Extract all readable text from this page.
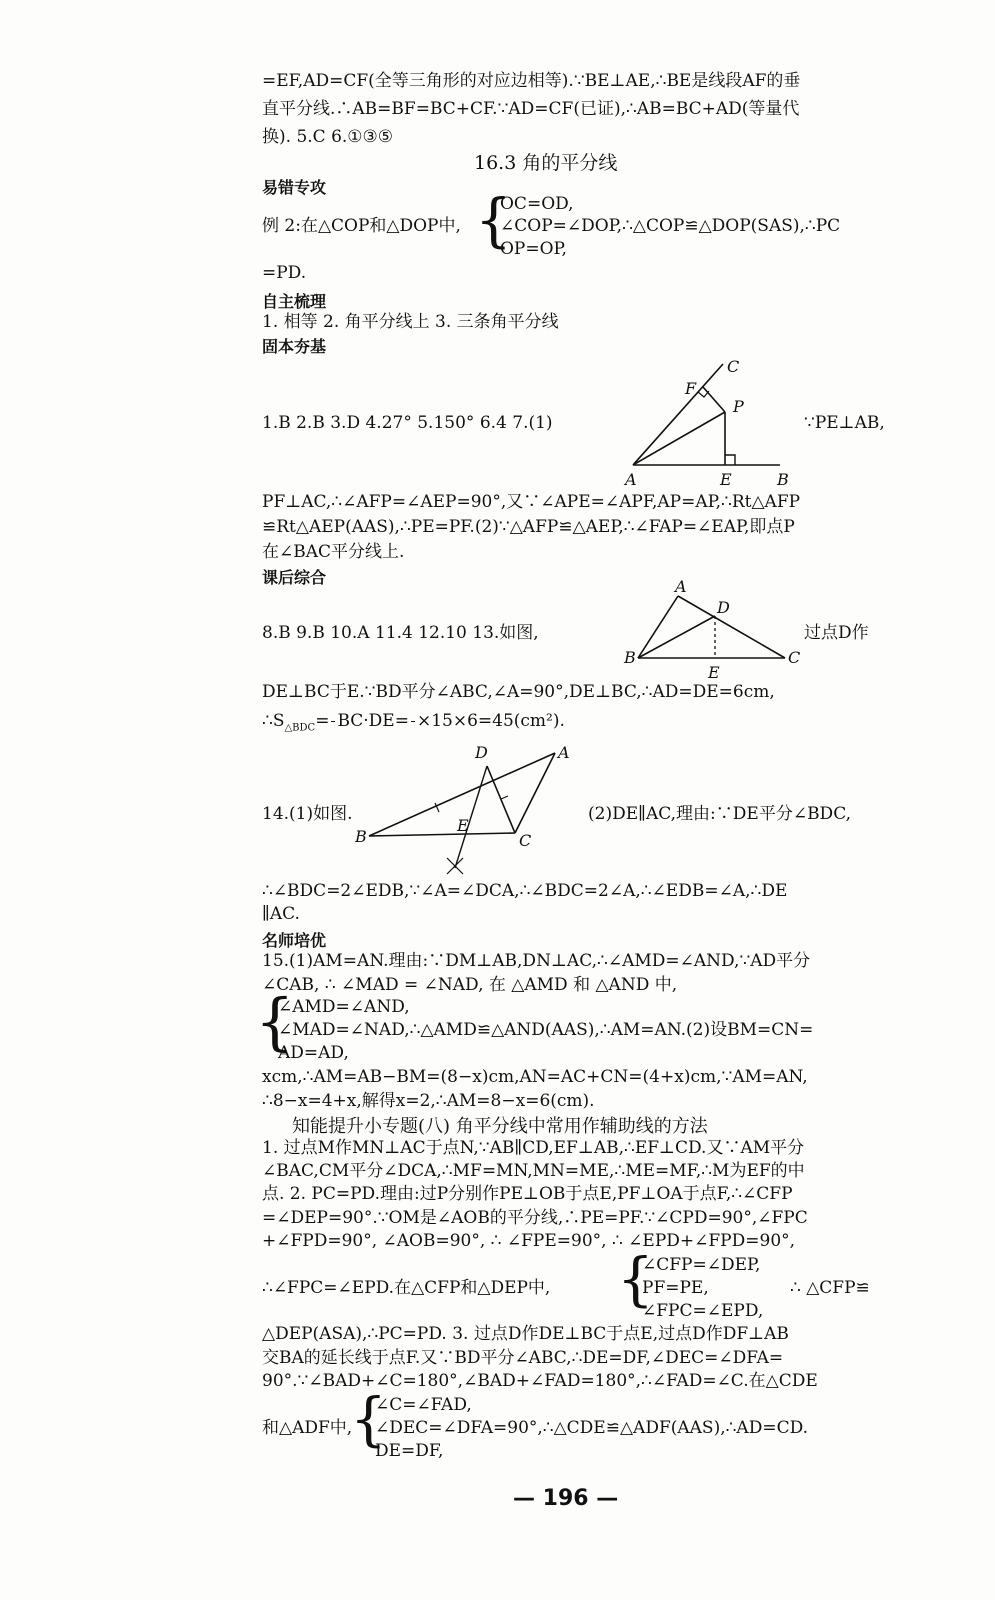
=EF,AD=CF(全等三角形的对应边相等).∵BE⊥AE,∴BE是线段AF的垂
直平分线.∴AB=BF=BC+CF.∵AD=CF(已证),∴AB=BC+AD(等量代
换). 5.C 6.①③⑤
16.3 角的平分线
易错专攻
例 2:在△COP和△DOP中, {
OC=OD,
∠COP=∠DOP,∴△COP≌△DOP(SAS),∴PC
OP=OP,
=PD.
自主梳理
1. 相等 2. 角平分线上 3. 三条角平分线
固本夯基
1.B 2.B 3.D 4.27° 5.150° 6.4 7.(1)
A	B
C
E
F
P
∵PE⊥AB,
PF⊥AC,∴∠AFP=∠AEP=90°,又∵∠APE=∠APF,AP=AP,∴Rt△AFP
≌Rt△AEP(AAS),∴PE=PF.(2)∵△AFP≌△AEP,∴∠FAP=∠EAP,即点P
在∠BAC平分线上.
课后综合
8.B 9.B 10.A 11.4 12.10 13.如图,
A
B	C
D
E
过点D作
DE⊥BC于E.∵BD平分∠ABC,∠A=90°,DE⊥BC,∴AD=DE=6cm,
$\therefore S_{\triangle BDC}= BC\cdot DE= \times 15\times 6=45(cm^2)$.
14.(1)如图.
A
B	C
D
E
(2)DE∥AC,理由:∵DE平分∠BDC,
∴∠BDC=2∠EDB,∵∠A=∠DCA,∴∠BDC=2∠A,∴∠EDB=∠A,∴DE
∥AC.
名师培优
15.(1)AM=AN.理由:∵DM⊥AB,DN⊥AC,∴∠AMD=∠AND,∵AD平分
∠CAB, ∴ ∠MAD = ∠NAD, 在 △AMD 和 △AND 中,
{
∠AMD=∠AND,
∠MAD=∠NAD,∴△AMD≌△AND(AAS),∴AM=AN.(2)设BM=CN=
AD=AD,
xcm,∴AM=AB−BM=(8−x)cm,AN=AC+CN=(4+x)cm,∵AM=AN,
∴8−x=4+x,解得x=2,∴AM=8−x=6(cm).
知能提升小专题(八) 角平分线中常用作辅助线的方法
1. 过点M作MN⊥AC于点N,∵AB∥CD,EF⊥AB,∴EF⊥CD.又∵AM平分
∠BAC,CM平分∠DCA,∴MF=MN,MN=ME,∴ME=MF,∴M为EF的中
点. 2. PC=PD.理由:过P分别作PE⊥OB于点E,PF⊥OA于点F,∴∠CFP
=∠DEP=90°.∵OM是∠AOB的平分线,∴PE=PF.∵∠CPD=90°,∠FPC
+∠FPD=90°, ∠AOB=90°, ∴ ∠FPE=90°, ∴ ∠EPD+∠FPD=90°,
∴∠FPC=∠EPD.在△CFP和△DEP中, {
∠CFP=∠DEP,
PF=PE,
∠FPC=∠EPD,
∴ △CFP≌
△DEP(ASA),∴PC=PD. 3. 过点D作DE⊥BC于点E,过点D作DF⊥AB
交BA的延长线于点F.又∵BD平分∠ABC,∴DE=DF,∠DEC=∠DFA=
90°.∵∠BAD+∠C=180°,∠BAD+∠FAD=180°,∴∠FAD=∠C.在△CDE
和△ADF中,
{
∠C=∠FAD,
∠DEC=∠DFA=90°,∴△CDE≌△ADF(AAS),∴AD=CD.
DE=DF,
— 196 —
